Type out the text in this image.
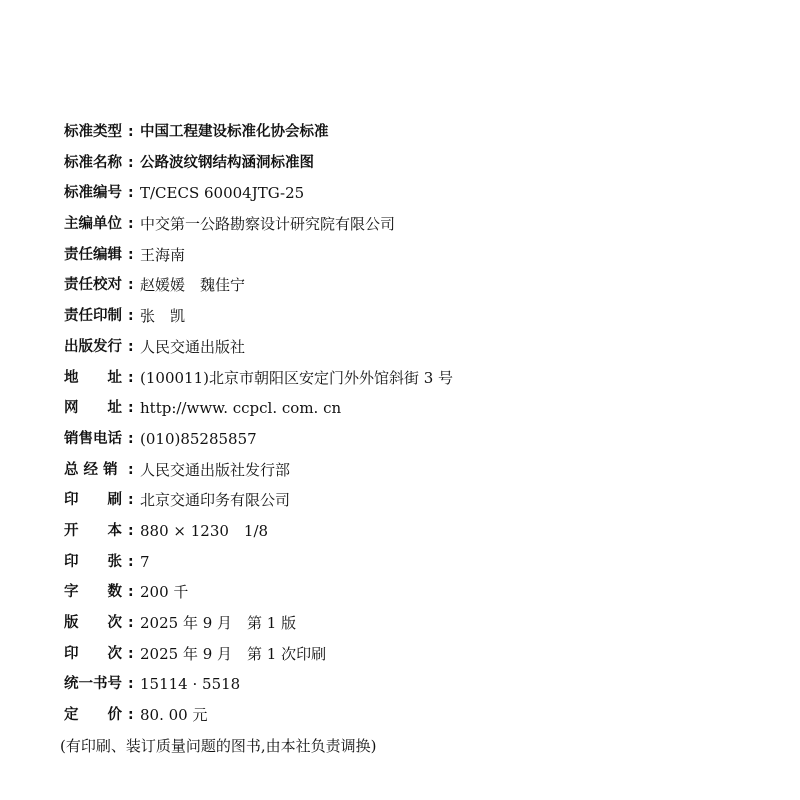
标准类型 : 中国工程建设标准化协会标准
标准名称 : 公路波纹钢结构涵洞标准图
标准编号 : T/CECS 60004JTG-25
主编单位 : 中交第一公路勘察设计研究院有限公司
责任编辑 : 王海南
责任校对 : 赵媛媛　魏佳宁
责任印制 : 张　凯
出版发行 : 人民交通出版社
地　　址 : (100011)北京市朝阳区安定门外外馆斜街 3 号
网　　址 : http://www. ccpcl. com. cn
销售电话 : (010)85285857
总 经 销 : 人民交通出版社发行部
印　　刷 : 北京交通印务有限公司
开　　本 : 880 × 1230　1/8
印　　张 : 7
字　　数 : 200 千
版　　次 : 2025 年 9 月　第 1 版
印　　次 : 2025 年 9 月　第 1 次印刷
统一书号 : 15114 · 5518
定　　价 : 80. 00 元
(有印刷、装订质量问题的图书,由本社负责调换)
